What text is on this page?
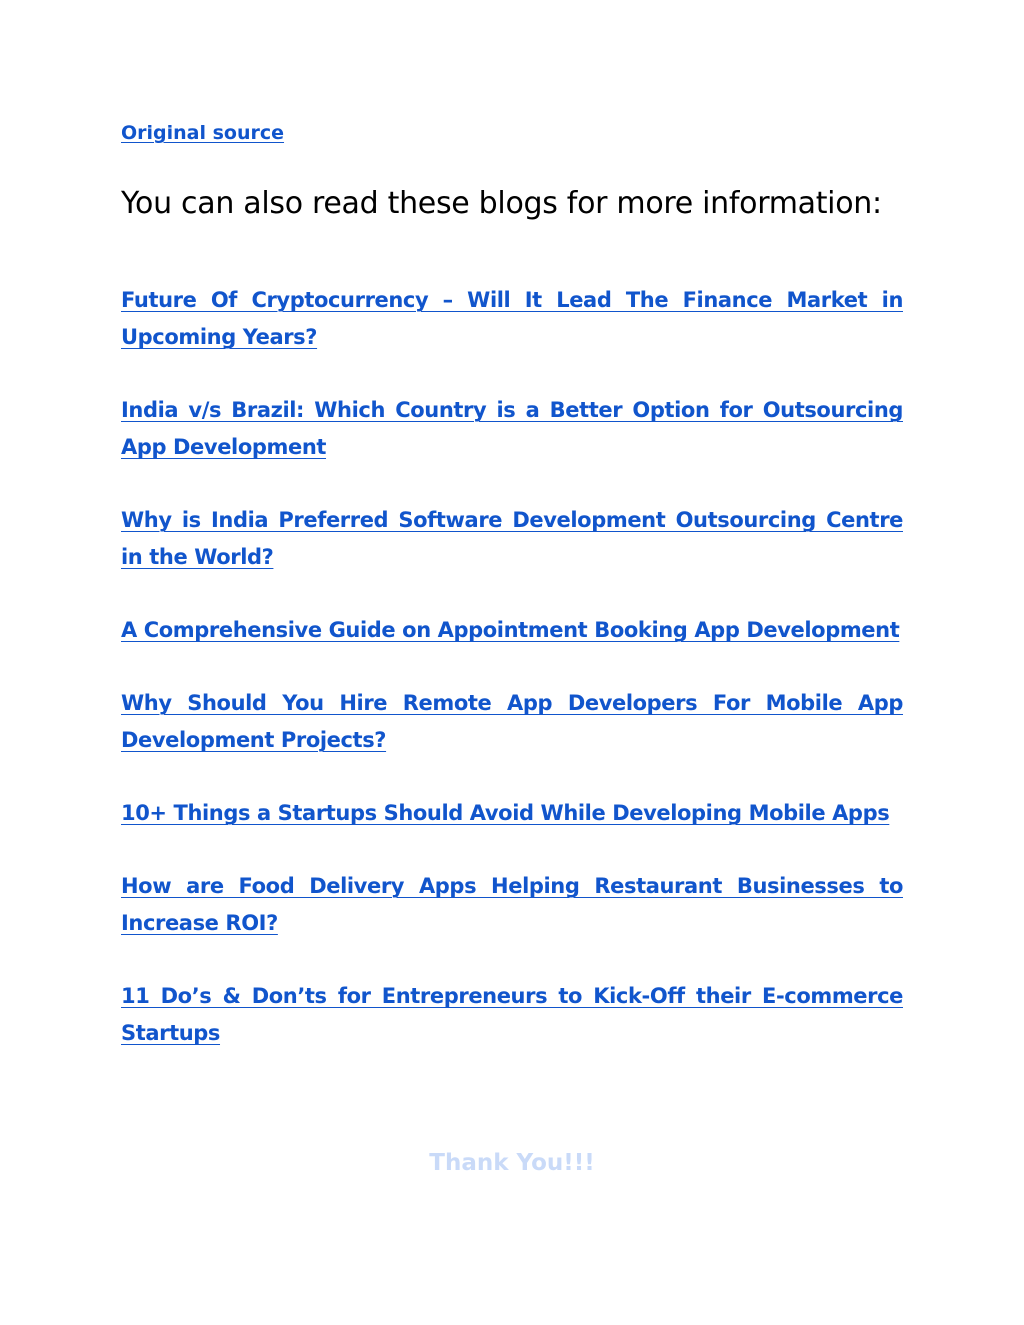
Original source
You can also read these blogs for more information:
Future Of Cryptocurrency – Will It Lead The Finance Market in Upcoming Years?
India v/s Brazil: Which Country is a Better Option for Outsourcing App Development
Why is India Preferred Software Development Outsourcing Centre in the World?
A Comprehensive Guide on Appointment Booking App Development
Why Should You Hire Remote App Developers For Mobile App Development Projects?
10+ Things a Startups Should Avoid While Developing Mobile Apps
How are Food Delivery Apps Helping Restaurant Businesses to Increase ROI?
11 Do’s & Don’ts for Entrepreneurs to Kick-Off their E-commerce Startups
Thank You!!!
